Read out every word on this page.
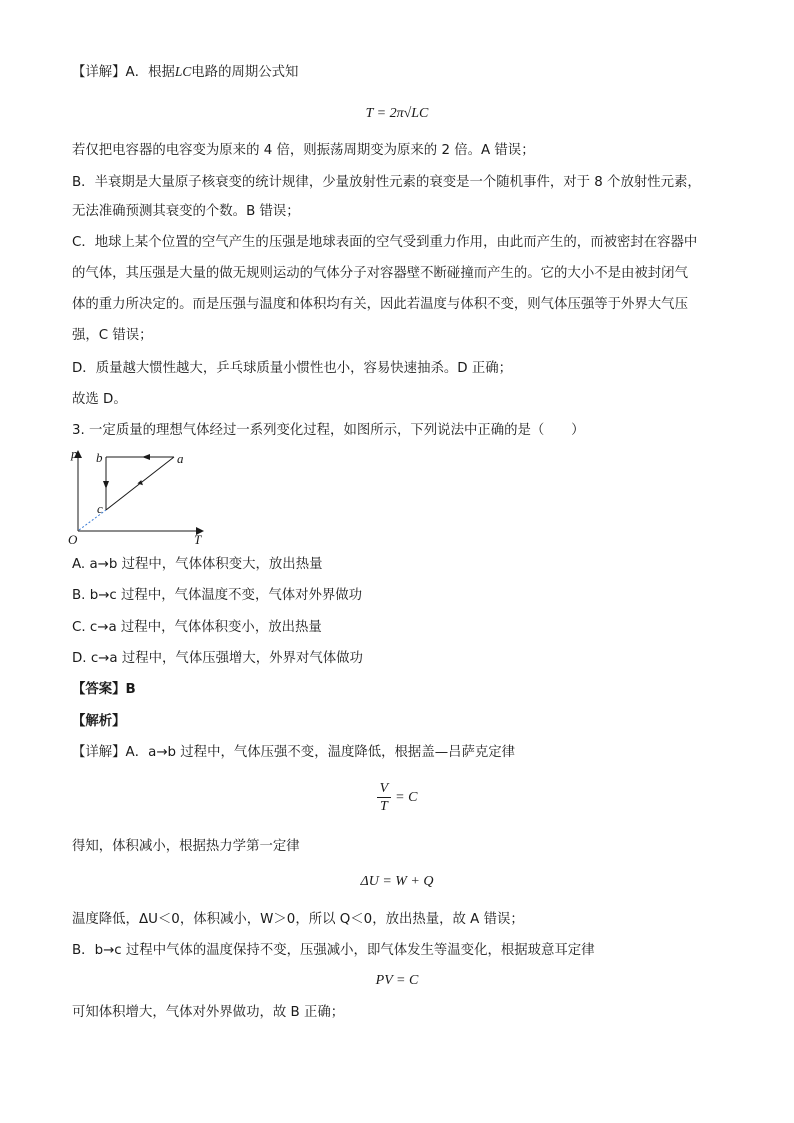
【详解】A．根据LC电路的周期公式知
T = 2π√LC
若仅把电容器的电容变为原来的 4 倍，则振荡周期变为原来的 2 倍。A 错误；
B．半衰期是大量原子核衰变的统计规律，少量放射性元素的衰变是一个随机事件，对于 8 个放射性元素，
无法准确预测其衰变的个数。B 错误；
C．地球上某个位置的空气产生的压强是地球表面的空气受到重力作用，由此而产生的，而被密封在容器中
的气体，其压强是大量的做无规则运动的气体分子对容器壁不断碰撞而产生的。它的大小不是由被封闭气
体的重力所决定的。而是压强与温度和体积均有关，因此若温度与体积不变，则气体压强等于外界大气压
强，C 错误；
D．质量越大惯性越大，乒乓球质量小惯性也小，容易快速抽杀。D 正确；
故选 D。
3. 一定质量的理想气体经过一系列变化过程，如图所示，下列说法中正确的是（　　）
p b	a
c
O	T
A. a→b 过程中，气体体积变大，放出热量
B. b→c 过程中，气体温度不变，气体对外界做功
C. c→a 过程中，气体体积变小，放出热量
D. c→a 过程中，气体压强增大，外界对气体做功
【答案】B
【解析】
【详解】A．a→b 过程中，气体压强不变，温度降低，根据盖—吕萨克定律
$\frac{V}{T} = C$
得知，体积减小，根据热力学第一定律
ΔU = W + Q
温度降低，ΔU＜0，体积减小，W＞0，所以 Q＜0，放出热量，故 A 错误；
B．b→c 过程中气体的温度保持不变，压强减小，即气体发生等温变化，根据玻意耳定律
PV = C
可知体积增大，气体对外界做功，故 B 正确；
